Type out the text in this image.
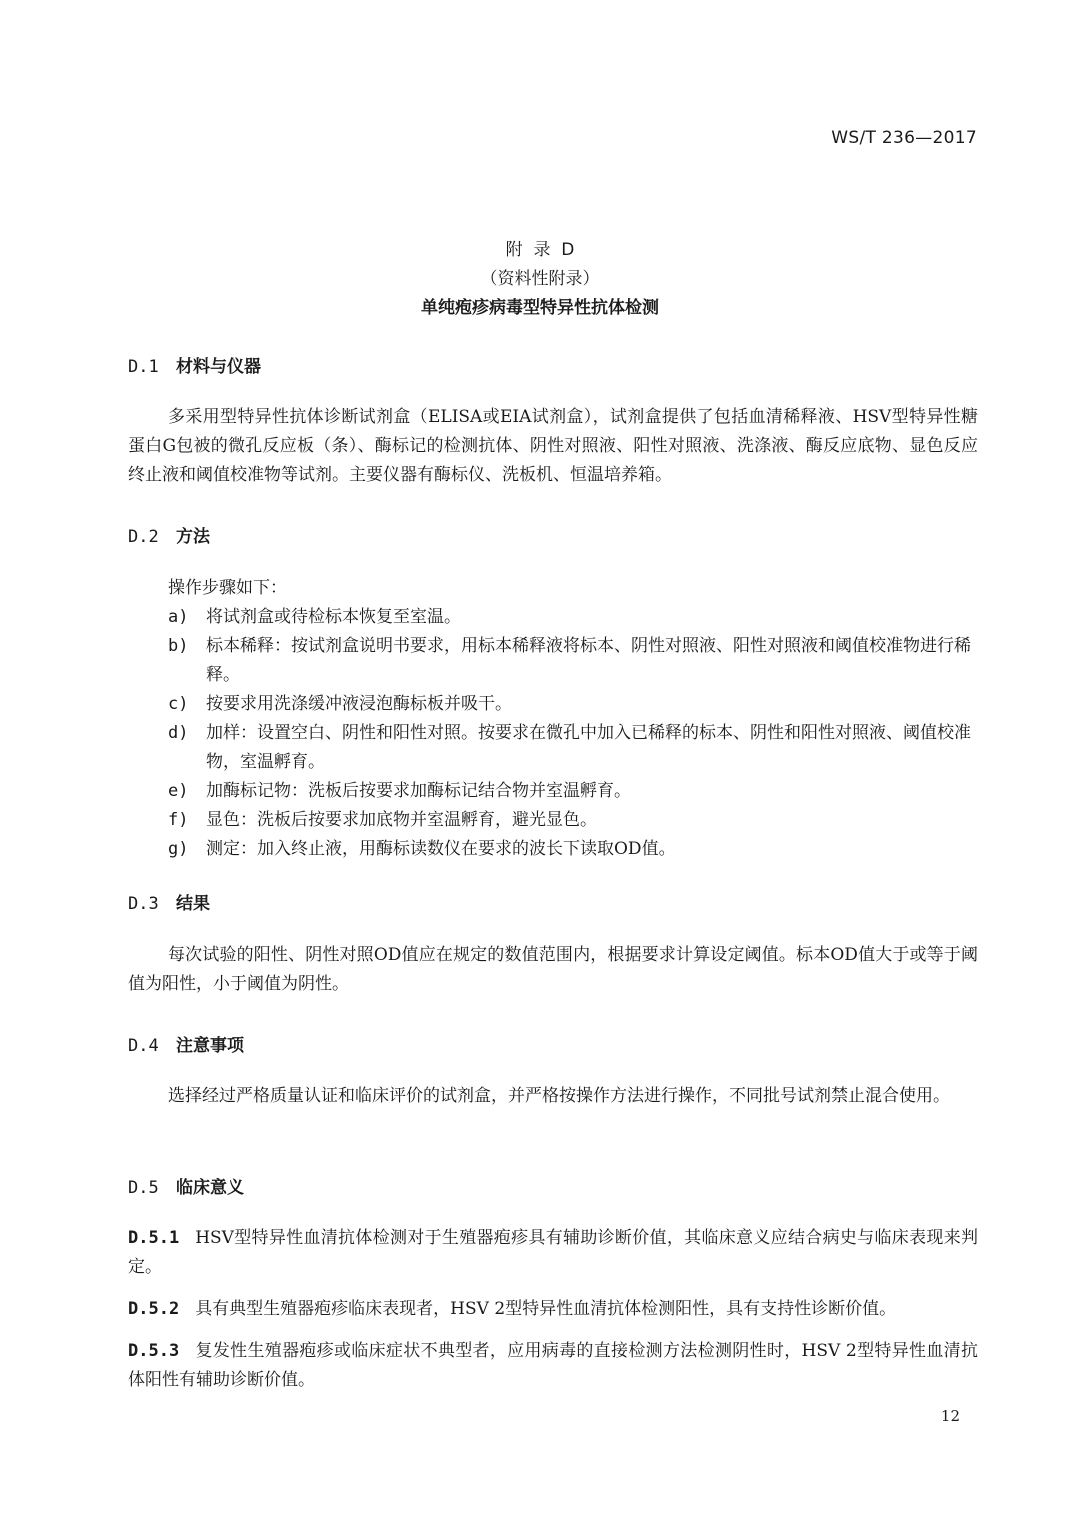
WS/T 236—2017
附  录  D
（资料性附录）
单纯疱疹病毒型特异性抗体检测
D.1 材料与仪器

多采用型特异性抗体诊断试剂盒（ELISA或EIA试剂盒），试剂盒提供了包括血清稀释液、HSV型特异性糖蛋白G包被的微孔反应板（条）、酶标记的检测抗体、阴性对照液、阳性对照液、洗涤液、酶反应底物、显色反应终止液和阈值校准物等试剂。主要仪器有酶标仪、洗板机、恒温培养箱。

D.2 方法
操作步骤如下：
a) 将试剂盒或待检标本恢复至室温。
b) 标本稀释：按试剂盒说明书要求，用标本稀释液将标本、阴性对照液、阳性对照液和阈值校准物进行稀释。
c) 按要求用洗涤缓冲液浸泡酶标板并吸干。
d) 加样：设置空白、阴性和阳性对照。按要求在微孔中加入已稀释的标本、阴性和阳性对照液、阈值校准物，室温孵育。
e) 加酶标记物：洗板后按要求加酶标记结合物并室温孵育。
f) 显色：洗板后按要求加底物并室温孵育，避光显色。
g) 测定：加入终止液，用酶标读数仪在要求的波长下读取OD值。
D.3 结果

每次试验的阳性、阴性对照OD值应在规定的数值范围内，根据要求计算设定阈值。标本OD值大于或等于阈值为阳性，小于阈值为阴性。

D.4 注意事项

选择经过严格质量认证和临床评价的试剂盒，并严格按操作方法进行操作，不同批号试剂禁止混合使用。

D.5 临床意义
D.5.1 HSV型特异性血清抗体检测对于生殖器疱疹具有辅助诊断价值，其临床意义应结合病史与临床表现来判定。
D.5.2 具有典型生殖器疱疹临床表现者，HSV 2型特异性血清抗体检测阳性，具有支持性诊断价值。
D.5.3 复发性生殖器疱疹或临床症状不典型者，应用病毒的直接检测方法检测阴性时，HSV 2型特异性血清抗体阳性有辅助诊断价值。
12
